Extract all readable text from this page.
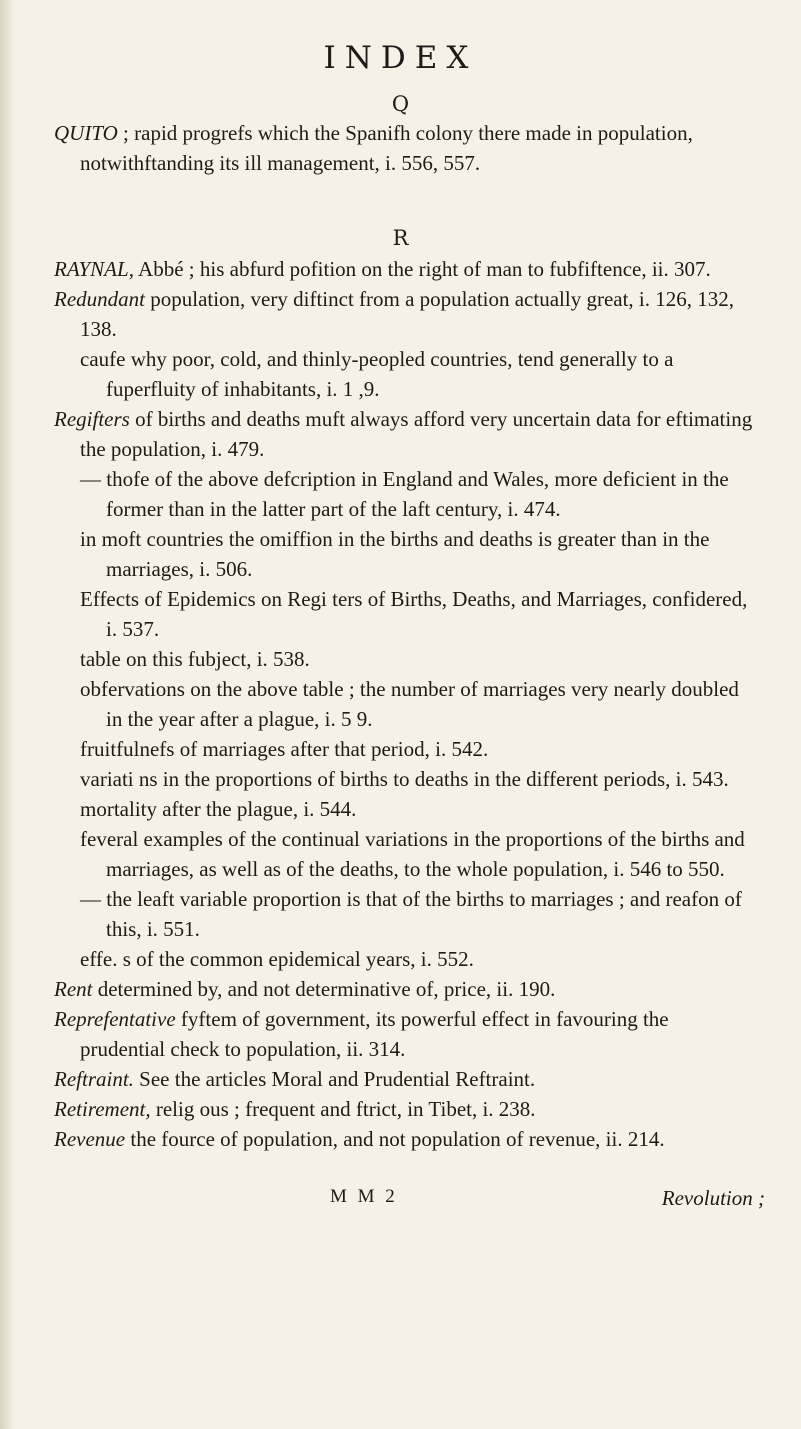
INDEX
Q

QUITO ; rapid progrefs which the Spanifh colony there made in population, notwithftanding its ill management, i. 556, 557.

R

RAYNAL, Abbé ; his abfurd pofition on the right of man to fubfiftence, ii. 307.

Redundant population, very diftinct from a population actually great, i. 126, 132, 138.

caufe why poor, cold, and thinly-peopled countries, tend generally to a fuperfluity of inhabitants, i. 1 ,9.

Regifters of births and deaths muft always afford very uncertain data for eftimating the population, i. 479.

— thofe of the above defcription in England and Wales, more deficient in the former than in the latter part of the laft century, i. 474.

in moft countries the omiffion in the births and deaths is greater than in the marriages, i. 506.

Effects of Epidemics on Regi ters of Births, Deaths, and Marriages, confidered, i. 537.

table on this fubject, i. 538.

obfervations on the above table ; the number of marriages very nearly doubled in the year after a plague, i. 5 9.

fruitfulnefs of marriages after that period, i. 542.

variati ns in the proportions of births to deaths in the different periods, i. 543.

mortality after the plague, i. 544.

feveral examples of the continual variations in the proportions of the births and marriages, as well as of the deaths, to the whole population, i. 546 to 550.

— the leaft variable proportion is that of the births to marriages ; and reafon of this, i. 551.

effe. s of the common epidemical years, i. 552.

Rent determined by, and not determinative of, price, ii. 190.

Reprefentative fyftem of government, its powerful effect in favouring the prudential check to population, ii. 314.

Reftraint. See the articles Moral and Prudential Reftraint.

Retirement, relig ous ; frequent and ftrict, in Tibet, i. 238.

Revenue the fource of population, and not population of revenue, ii. 214.

M M 2	Revolution ;
